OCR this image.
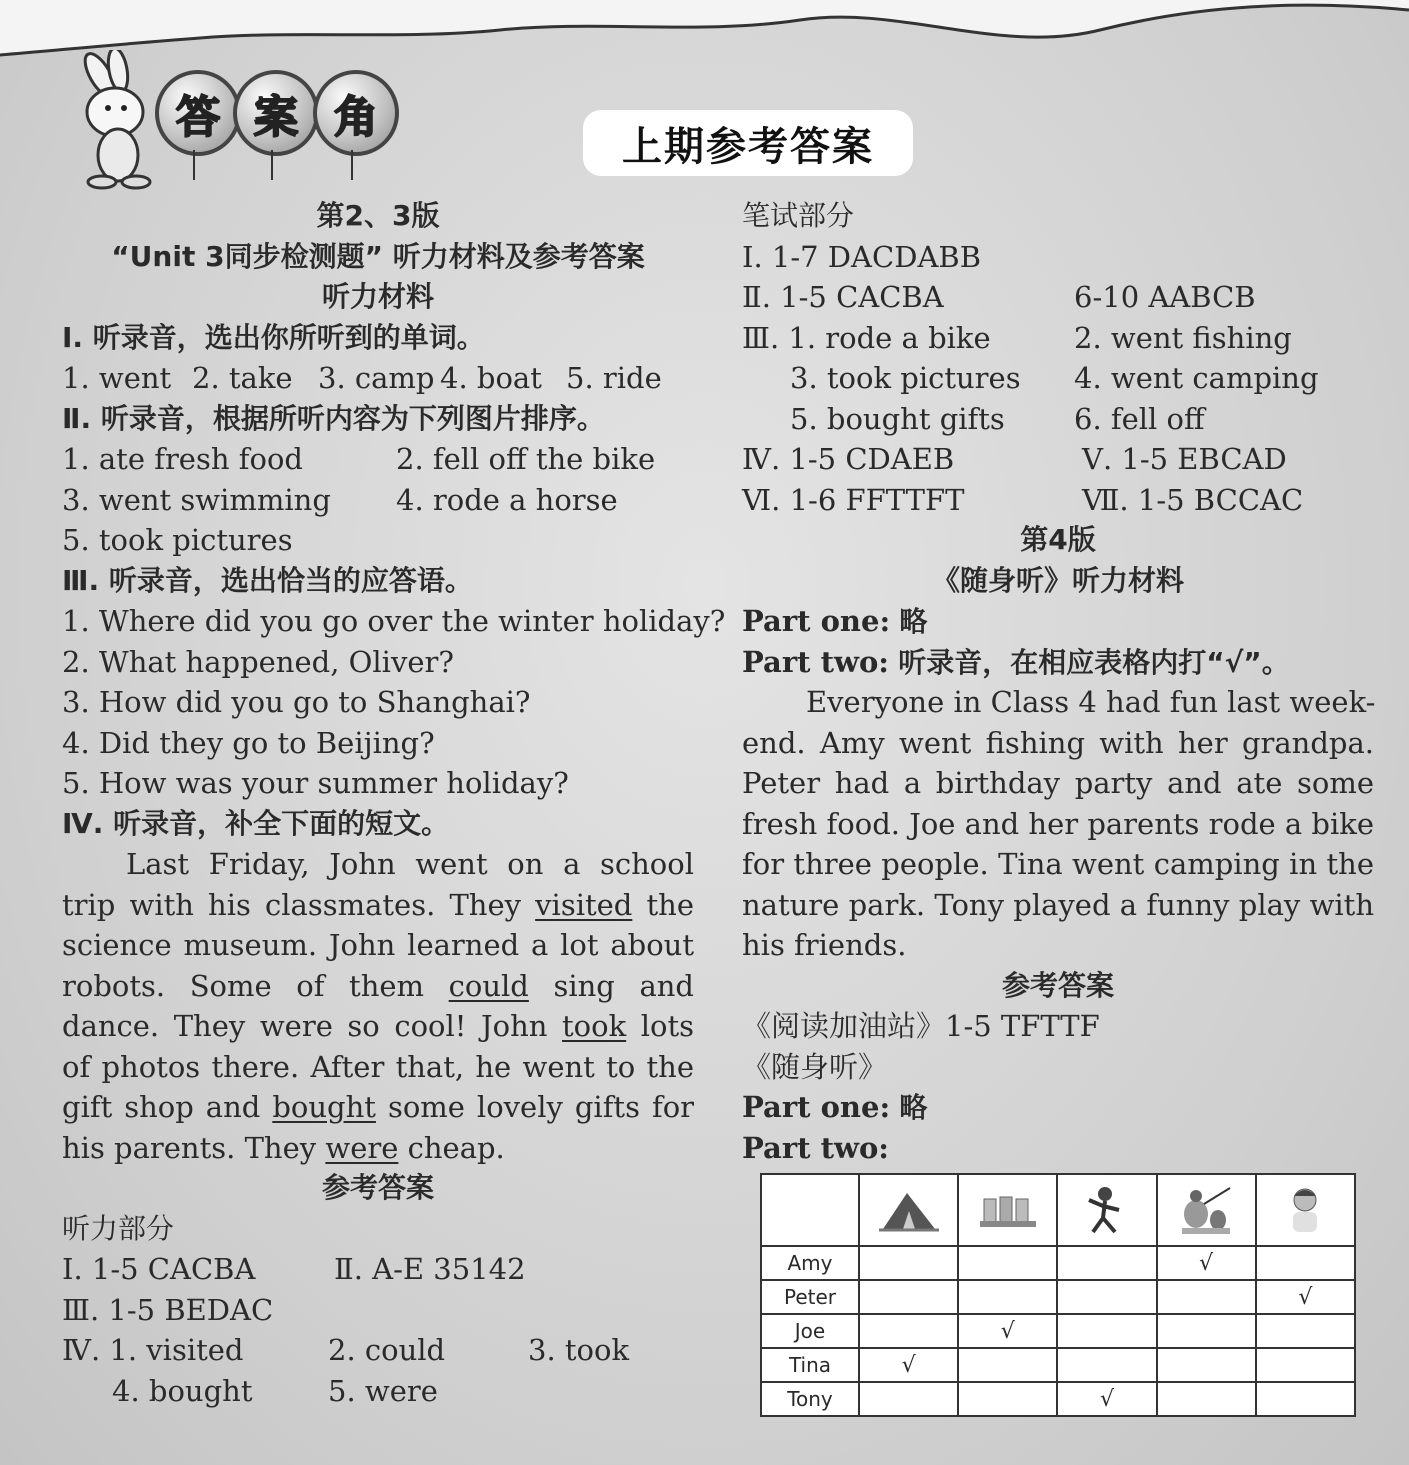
答 案 角
上期参考答案
第2、3版
“Unit 3同步检测题” 听力材料及参考答案
听力材料
Ⅰ. 听录音，选出你所听到的单词。
1. went 2. take 3. camp 4. boat 5. ride
Ⅱ. 听录音，根据所听内容为下列图片排序。
1. ate fresh food	2. fell off the bike
3. went swimming 4. rode a horse
5. took pictures
Ⅲ. 听录音，选出恰当的应答语。
1. Where did you go over the winter holiday?
2. What happened, Oliver?
3. How did you go to Shanghai?
4. Did they go to Beijing?
5. How was your summer holiday?
Ⅳ. 听录音，补全下面的短文。
Last Friday, John went on a school
trip with his classmates. They visited the
science museum. John learned a lot about
robots. Some of them could sing and
dance. They were so cool! John took lots
of photos there. After that, he went to the
gift shop and bought some lovely gifts for
his parents. They were cheap.
参考答案
听力部分
Ⅰ. 1-5 CACBA	Ⅱ. A-E 35142
Ⅲ. 1-5 BEDAC
Ⅳ. 1. visited	2. could	3. took
4. bought	5. were
笔试部分
Ⅰ. 1-7 DACDABB
Ⅱ. 1-5 CACBA	6-10 AABCB
Ⅲ. 1. rode a bike	2. went fishing
3. took pictures 4. went camping
5. bought gifts 6. fell off
Ⅳ. 1-5 CDAEB	Ⅴ. 1-5 EBCAD
Ⅵ. 1-6 FFTTFT	Ⅶ. 1-5 BCCAC
第4版
《随身听》听力材料
Part one: 略
Part two: 听录音，在相应表格内打“√”。
Everyone in Class 4 had fun last week-
end. Amy went fishing with her grandpa.
Peter had a birthday party and ate some
fresh food. Joe and her parents rode a bike
for three people. Tina went camping in the
nature park. Tony played a funny play with
his friends.
参考答案
《阅读加油站》1-5 TFTTF
《随身听》
Part one: 略
Part two:

Amy				√	
Peter					√
Joe		√			
Tina	√				
Tony			√		
